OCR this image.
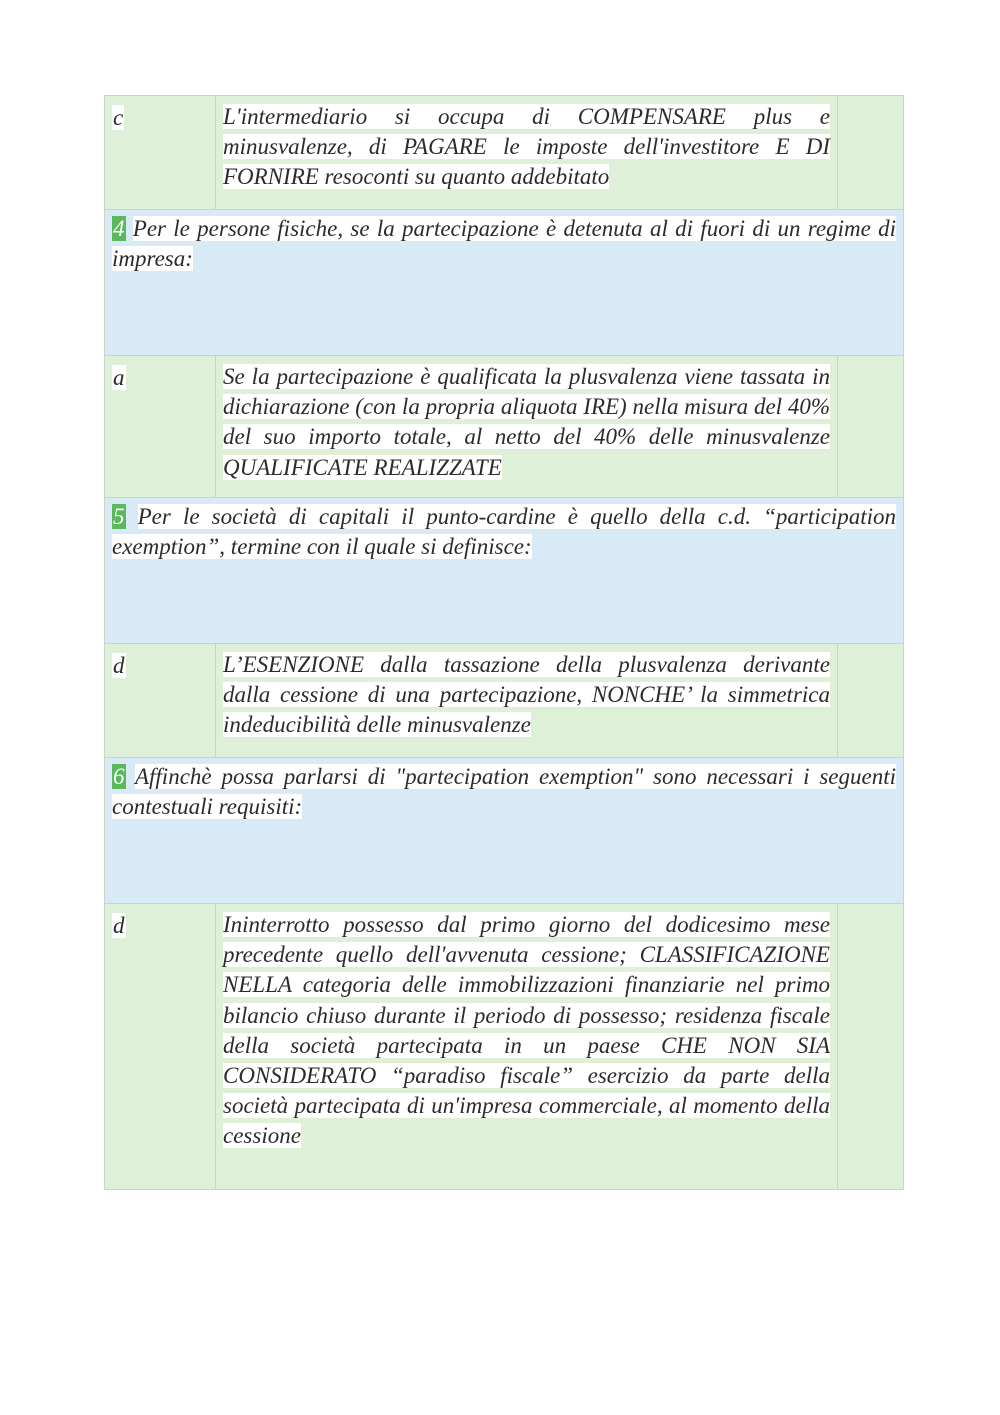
c	L'intermediario si occupa di COMPENSARE plus e minusvalenze, di PAGARE le imposte dell'investitore E DI FORNIRE resoconti su quanto addebitato
4 Per le persone fisiche, se la partecipazione è detenuta al di fuori di un regime di impresa:
a	Se la partecipazione è qualificata la plusvalenza viene tassata in dichiarazione (con la propria aliquota IRE) nella misura del 40% del suo importo totale, al netto del 40% delle minusvalenze QUALIFICATE REALIZZATE
5 Per le società di capitali il punto-cardine è quello della c.d. “participation exemption”, termine con il quale si definisce:
d	L’ESENZIONE dalla tassazione della plusvalenza derivante dalla cessione di una partecipazione, NONCHE’ la simmetrica indeducibilità delle minusvalenze
6 Affinchè possa parlarsi di "partecipation exemption" sono necessari i seguenti contestuali requisiti:
d	Ininterrotto possesso dal primo giorno del dodicesimo mese precedente quello dell'avvenuta cessione; CLASSIFICAZIONE NELLA categoria delle immobilizzazioni finanziarie nel primo bilancio chiuso durante il periodo di possesso; residenza fiscale della società partecipata in un paese CHE NON SIA CONSIDERATO “paradiso fiscale” esercizio da parte della società partecipata di un'impresa commerciale, al momento della cessione
